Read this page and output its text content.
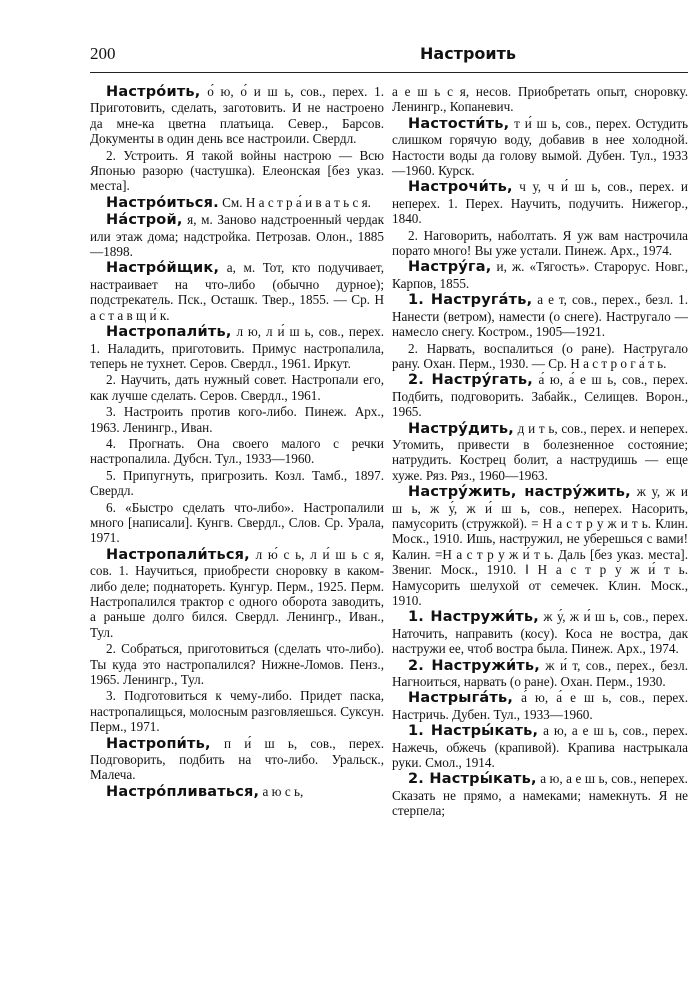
200	Настроить

Настро́ить, о́ ю, о́ и ш ь, сов., перех. 1. Приготовить, сделать, заготовить. И не настроено да мне-ка цветна платьица. Север., Барсов. Документы в один день все настроили. Свердл.

2. Устроить. Я такой войны настрою — Всю Японью разорю (частушка). Елеонская [без указ. места].

Настро́иться. См. Н а с т р а́ и в а т ь с я.

На́строй, я, м. Заново надстроенный чердак или этаж дома; надстройка. Петрозав. Олон., 1885—1898.

Настро́йщик, а, м. Тот, кто подучивает, настраивает на что-либо (обычно дурное); подстрекатель. Пск., Осташк. Твер., 1855. — Ср. Н а с т а в щ и́ к.

Настропали́ть, л ю, л и́ ш ь, сов., перех. 1. Наладить, приготовить. Примус настропалила, теперь не тухнет. Серов. Свердл., 1961. Иркут.

2. Научить, дать нужный совет. Настропали его, как лучше сделать. Серов. Свердл., 1961.

3. Настроить против кого-либо. Пинеж. Арх., 1963. Ленингр., Иван.

4. Прогнать. Она своего малого с речки настропалила. Дубсн. Тул., 1933—1960.

5. Припугнуть, пригрозить. Козл. Тамб., 1897. Свердл.

6. «Быстро сделать что-либо». Настропалили много [написали]. Кунгв. Свердл., Слов. Ср. Урала, 1971.

Настропали́ться, л ю́ с ь, л и́ ш ь с я, сов. 1. Научиться, приобрести сноровку в каком-либо деле; поднатореть. Кунгур. Перм., 1925. Перм. Настропалился трактор с одного оборота заводить, а раньше долго бился. Свердл. Ленингр., Иван., Тул.

2. Собраться, приготовиться (сделать что-либо). Ты куда это настропалился? Нижне-Ломов. Пенз., 1965. Ленингр., Тул.

3. Подготовиться к чему-либо. Придет паска, настропалищься, молосным разговляешься. Суксун. Перм., 1971.

Настропи́ть, п и́ ш ь, сов., перех. Подговорить, подбить на что-либо. Уральск., Малеча.

Настро́пливаться, а ю с ь,

а е ш ь с я, несов. Приобретать опыт, сноровку. Ленингр., Копаневич.

Настости́ть, т и́ ш ь, сов., перех. Остудить слишком горячую воду, добавив в нее холодной. Настости воды да голову вымой. Дубен. Тул., 1933—1960. Курск.

Настрочи́ть, ч у, ч и́ ш ь, сов., перех. и неперех. 1. Перех. Научить, подучить. Нижегор., 1840.

2. Наговорить, наболтать. Я уж вам настрочила порато много! Вы уже устали. Пинеж. Арх., 1974.

Настру́га, и, ж. «Тягость». Старорус. Новг., Карпов, 1855.

1. Наструга́ть, а е т, сов., перех., безл. 1. Нанести (ветром), намести (о снеге). Настругало — намесло снегу. Костром., 1905—1921.

2. Нарвать, воспалиться (о ране). Настругало рану. Охан. Перм., 1930. — Ср. Н а с т р о г а́ т ь.

2. Настру́гать, а́ ю, а́ е ш ь, сов., перех. Подбить, подговорить. Забайк., Селищев. Ворон., 1965.

Настру́дить, д и т ь, сов., перех. и неперех. Утомить, привести в болезненное состояние; натрудить. Кострец болит, а наструдишь — еще хуже. Ряз. Ряз., 1960—1963.

Настру́жить, настру́жить, ж у, ж и ш ь, ж у́, ж и́ ш ь, сов., неперех. Насорить, памусорить (стружкой). = Н а с т р у ж и т ь. Клин. Моск., 1910. Ишь, настружил, не уберешься с вами! Калин. =Н а с т р у ж и́ т ь. Даль [без указ. места]. Звениг. Моск., 1910. ‖ Н а с т р у ж и́ т ь. Намусорить шелухой от семечек. Клин. Моск., 1910.

1. Настружи́ть, ж у́, ж и́ ш ь, сов., перех. Наточить, направить (косу). Коса не востра, дак настружи ее, чтоб востра была. Пинеж. Арх., 1974.

2. Настружи́ть, ж и́ т, сов., перех., безл. Нагноиться, нарвать (о ране). Охан. Перм., 1930.

Настрыга́ть, а́ ю, а́ е ш ь, сов., перех. Настричь. Дубен. Тул., 1933—1960.

1. Настры́кать, а ю, а е ш ь, сов., перех. Нажечь, обжечь (крапивой). Крапива настрыкала руки. Смол., 1914.

2. Настры́кать, а ю, а е ш ь, сов., неперех. Сказать не прямо, а намеками; намекнуть. Я не стерпела;
